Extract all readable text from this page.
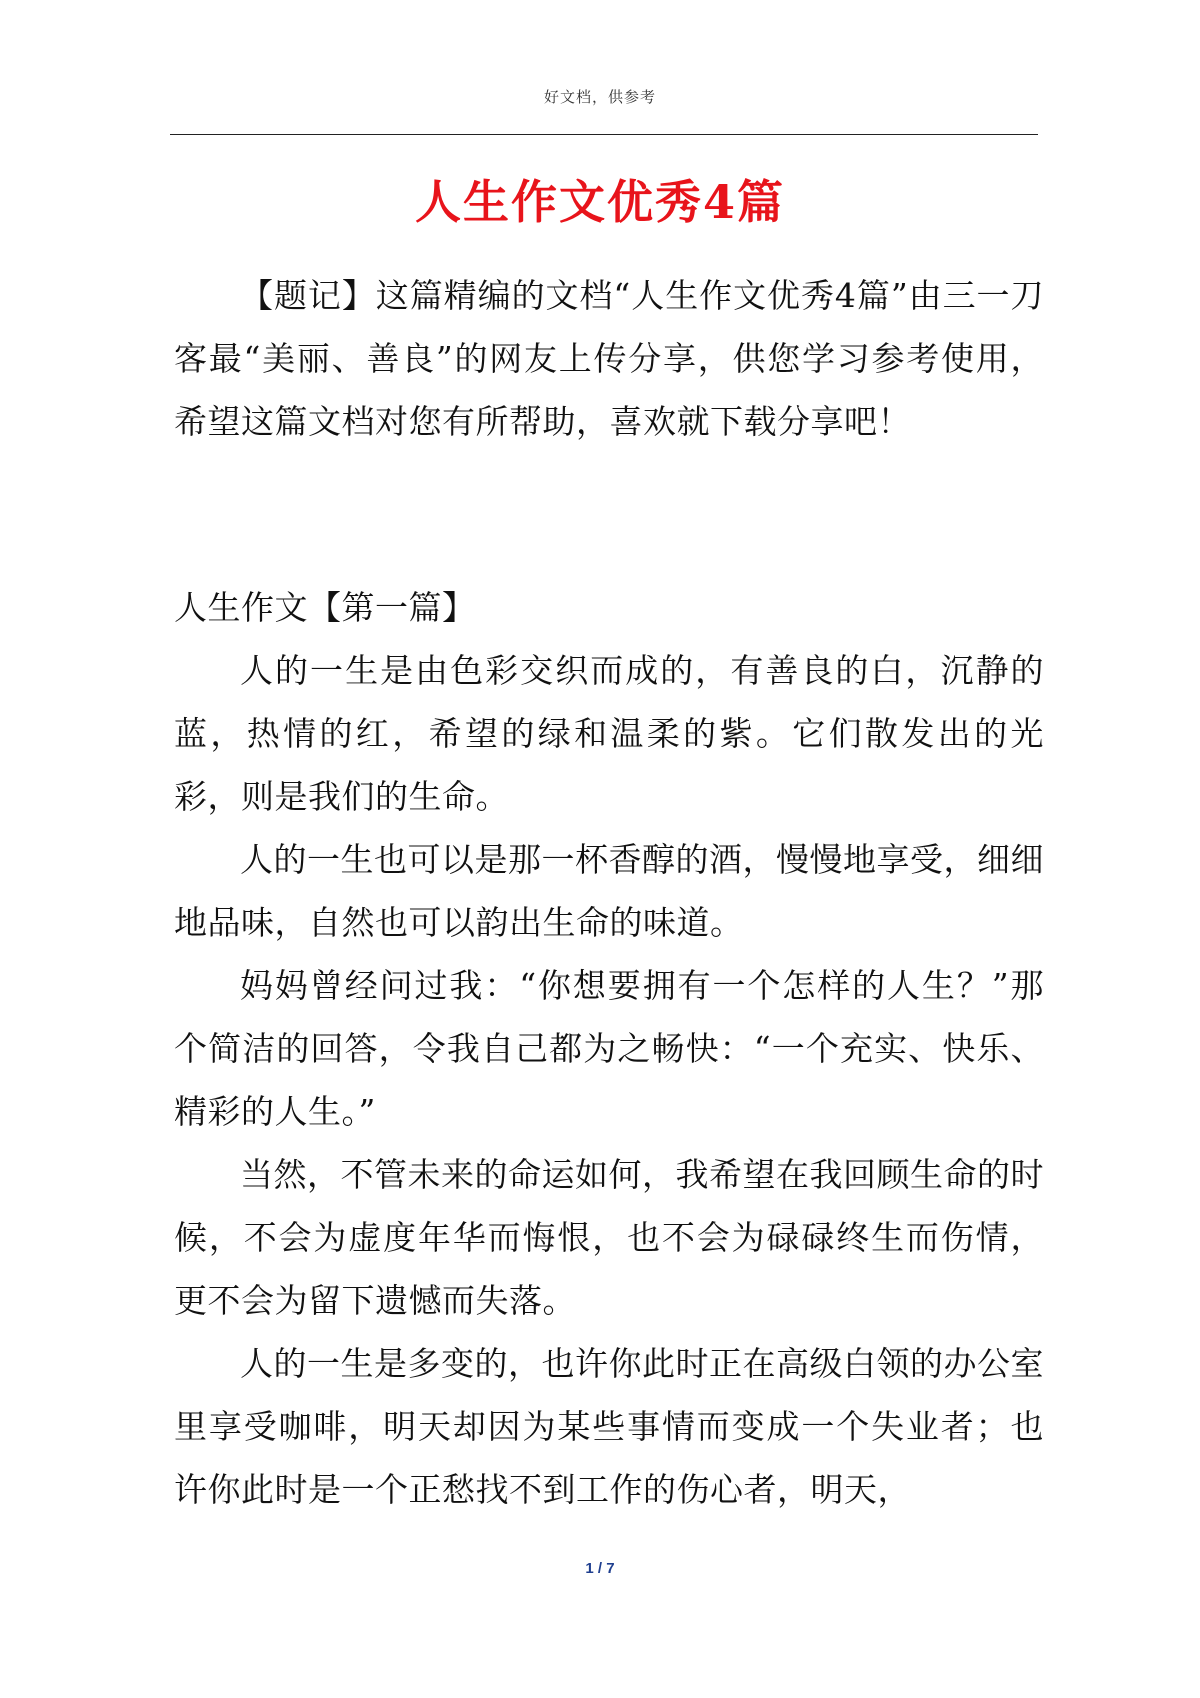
好文档，供参考
人生作文优秀4篇

【题记】这篇精编的文档“人生作文优秀4篇”由三一刀客最“美丽、善良”的网友上传分享，供您学习参考使用，希望这篇文档对您有所帮助，喜欢就下载分享吧！

人生作文【第一篇】

人的一生是由色彩交织而成的，有善良的白，沉静的蓝，热情的红，希望的绿和温柔的紫。它们散发出的光彩，则是我们的生命。

人的一生也可以是那一杯香醇的酒，慢慢地享受，细细地品味，自然也可以韵出生命的味道。

妈妈曾经问过我：“你想要拥有一个怎样的人生？”那个简洁的回答，令我自己都为之畅快：“一个充实、快乐、精彩的人生。”

当然，不管未来的命运如何，我希望在我回顾生命的时候，不会为虚度年华而悔恨，也不会为碌碌终生而伤情，更不会为留下遗憾而失落。

人的一生是多变的，也许你此时正在高级白领的办公室里享受咖啡，明天却因为某些事情而变成一个失业者；也许你此时是一个正愁找不到工作的伤心者，明天，

1 / 7
